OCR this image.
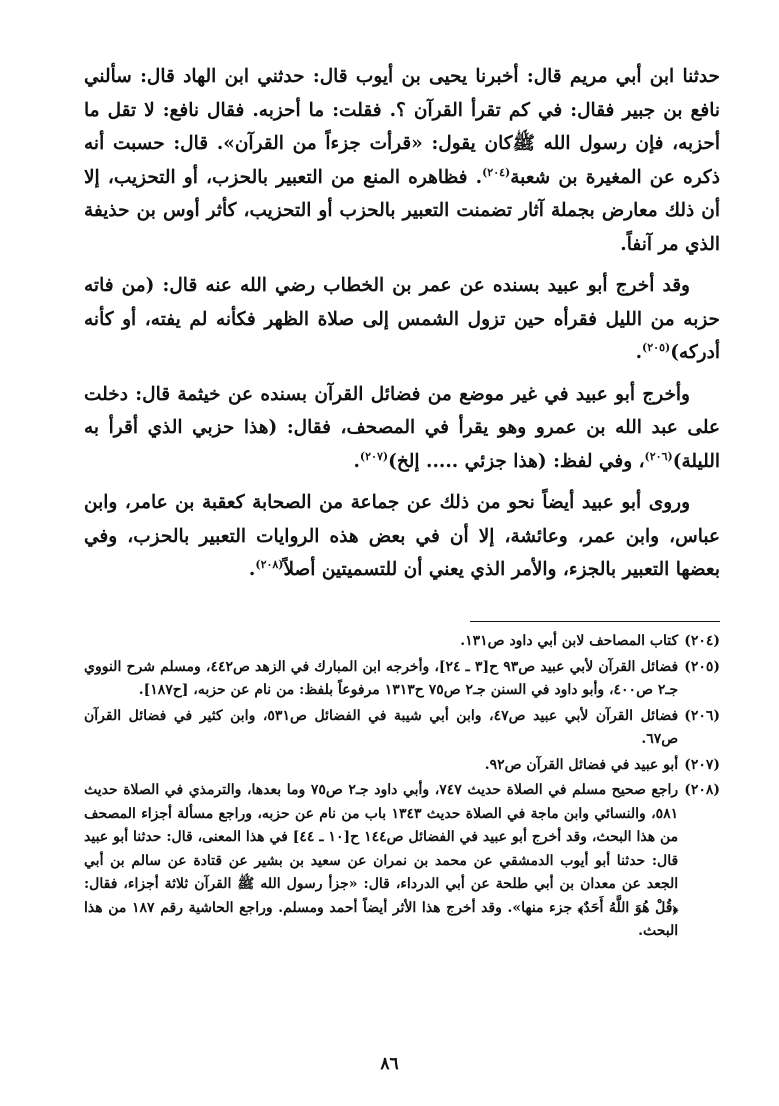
حدثنا ابن أبي مريم قال: أخبرنا يحيى بن أيوب قال: حدثني ابن الهاد قال: سألني نافع بن جبير فقال: في كم تقرأ القرآن ؟. فقلت: ما أحزبه. فقال نافع: لا تقل ما أحزبه، فإن رسول الله ﷺكان يقول: «قرأت جزءاً من القرآن». قال: حسبت أنه ذكره عن المغيرة بن شعبة$^{(٢٠٤)}$. فظاهره المنع من التعبير بالحزب، أو التحزيب، إلا أن ذلك معارض بجملة آثار تضمنت التعبير بالحزب أو التحزيب، كأثر أوس بن حذيفة الذي مر آنفاً.

وقد أخرج أبو عبيد بسنده عن عمر بن الخطاب رضي الله عنه قال: (من فاته حزبه من الليل فقرأه حين تزول الشمس إلى صلاة الظهر فكأنه لم يفته، أو كأنه أدركه)$^{(٢٠٥)}$.

وأخرج أبو عبيد في غير موضع من فضائل القرآن بسنده عن خيثمة قال: دخلت على عبد الله بن عمرو وهو يقرأ في المصحف، فقال: (هذا حزبي الذي أقرأ به الليلة)$^{(٢٠٦)}$، وفي لفظ: (هذا جزئي ..... إلخ)$^{(٢٠٧)}$.

وروى أبو عبيد أيضاً نحو من ذلك عن جماعة من الصحابة كعقبة بن عامر، وابن عباس، وابن عمر، وعائشة، إلا أن في بعض هذه الروايات التعبير بالحزب، وفي بعضها التعبير بالجزء، والأمر الذي يعني أن للتسميتين أصلاً$^{(٢٠٨)}$.

(٢٠٤)
كتاب المصاحف لابن أبي داود ص١٣١.
(٢٠٥)
فضائل القرآن لأبي عبيد ص٩٣ ح[٣ ـ ٢٤]، وأخرجه ابن المبارك في الزهد ص٤٤٢، ومسلم شرح النووي جـ٢ ص٤٠٠، وأبو داود في السنن جـ٢ ص٧٥ ح١٣١٣ مرفوعاً بلفظ: من نام عن حزبه، [ح١٨٧].
(٢٠٦)
فضائل القرآن لأبي عبيد ص٤٧، وابن أبي شيبة في الفضائل ص٥٣١، وابن كثير في فضائل القرآن ص٦٧.
(٢٠٧)
أبو عبيد في فضائل القرآن ص٩٢.
(٢٠٨)
راجع صحيح مسلم في الصلاة حديث ٧٤٧، وأبي داود جـ٢ ص٧٥ وما بعدها، والترمذي في الصلاة حديث ٥٨١، والنسائي وابن ماجة في الصلاة حديث ١٣٤٣ باب من نام عن حزبه، وراجع مسألة أجزاء المصحف من هذا البحث، وقد أخرج أبو عبيد في الفضائل ص١٤٤ ح[١٠ ـ ٤٤] في هذا المعنى، قال: حدثنا أبو عبيد قال: حدثنا أبو أيوب الدمشقي عن محمد بن نمران عن سعيد بن بشير عن قتادة عن سالم بن أبي الجعد عن معدان بن أبي طلحة عن أبي الدرداء، قال: «جزأ رسول الله ﷺ القرآن ثلاثة أجزاء، فقال: ﴿قُلْ هُوَ اللَّهُ أَحَدٌ﴾ جزء منها». وقد أخرج هذا الأثر أيضاً أحمد ومسلم. وراجع الحاشية رقم ١٨٧ من هذا البحث.
٨٦
